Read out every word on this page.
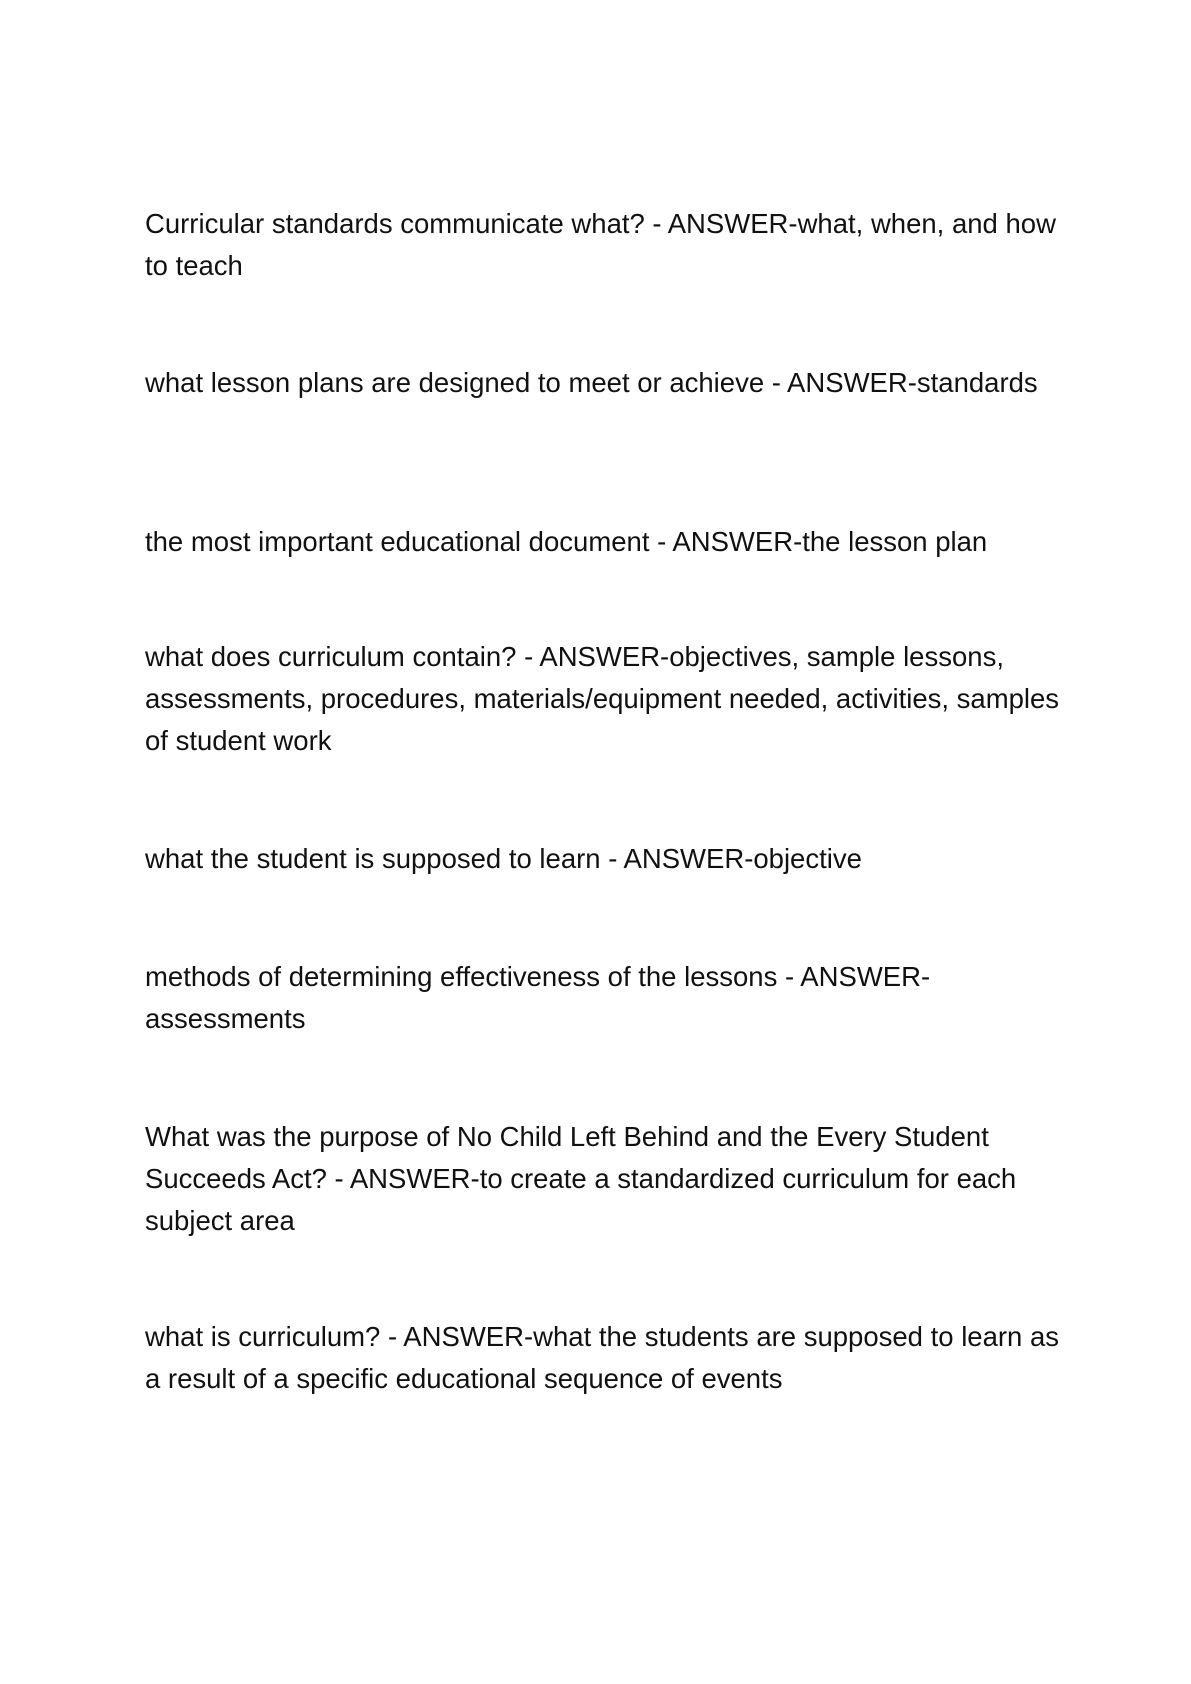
Curricular standards communicate what? - ANSWER-what, when, and how to teach
what lesson plans are designed to meet or achieve - ANSWER-standards
the most important educational document - ANSWER-the lesson plan
what does curriculum contain? - ANSWER-objectives, sample lessons, assessments, procedures, materials/equipment needed, activities, samples of student work
what the student is supposed to learn - ANSWER-objective
methods of determining effectiveness of the lessons - ANSWER-assessments
What was the purpose of No Child Left Behind and the Every Student Succeeds Act? - ANSWER-to create a standardized curriculum for each subject area
what is curriculum? - ANSWER-what the students are supposed to learn as a result of a specific educational sequence of events
